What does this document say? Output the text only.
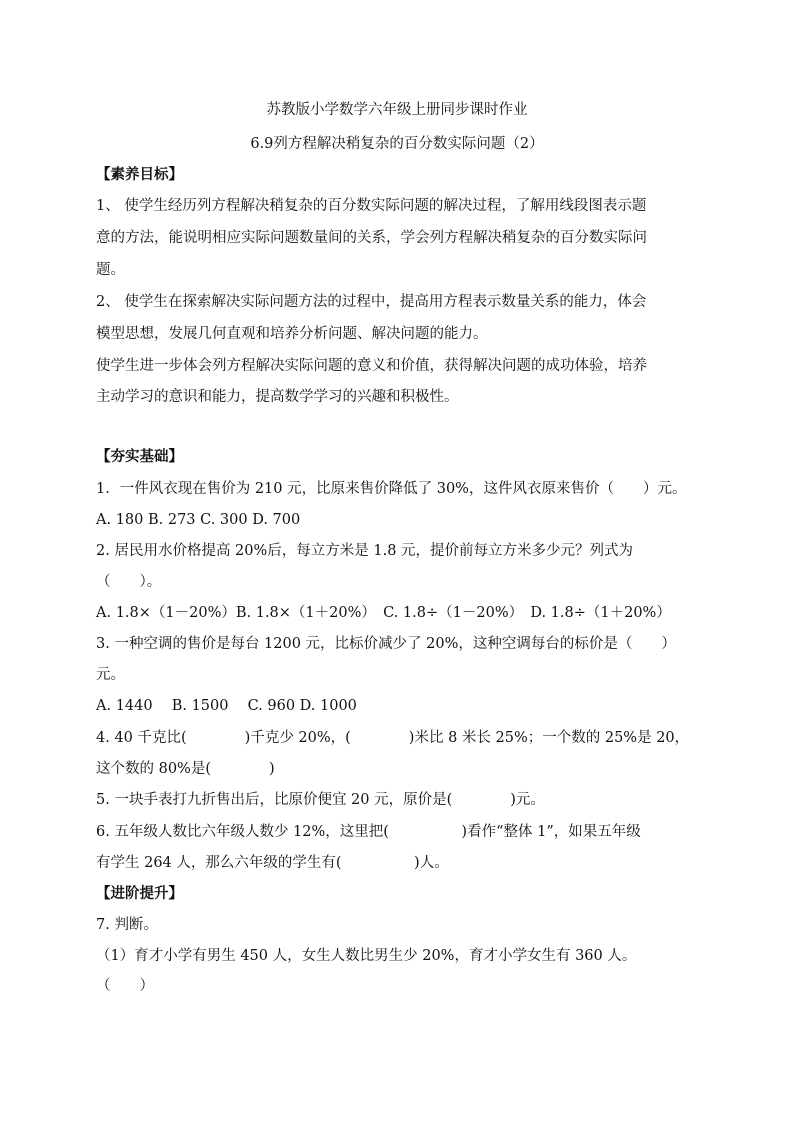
苏教版小学数学六年级上册同步课时作业

6.9列方程解决稍复杂的百分数实际问题（2）

【素养目标】

1、 使学生经历列方程解决稍复杂的百分数实际问题的解决过程，了解用线段图表示题

意的方法，能说明相应实际问题数量间的关系，学会列方程解决稍复杂的百分数实际问

题。

2、 使学生在探索解决实际问题方法的过程中，提高用方程表示数量关系的能力，体会

模型思想，发展几何直观和培养分析问题、解决问题的能力。

使学生进一步体会列方程解决实际问题的意义和价值，获得解决问题的成功体验，培养

主动学习的意识和能力，提高数学学习的兴趣和积极性。

【夯实基础】

1．一件风衣现在售价为 210 元，比原来售价降低了 30%，这件风衣原来售价（　　）元。

A. 180 B. 273 C. 300 D. 700

2. 居民用水价格提高 20%后，每立方米是 1.8 元，提价前每立方米多少元？列式为

（　　）。

A. 1.8×（1－20%）B. 1.8×（1＋20%）　C. 1.8÷（1－20%）　D. 1.8÷（1＋20%）

3. 一种空调的售价是每台 1200 元，比标价减少了 20%，这种空调每台的标价是（　　）

元。

A. 1440　 B. 1500　 C. 960 D. 1000

4. 40 千克比(　　　　)千克少 20%，(　　　　)米比 8 米长 25%；一个数的 25%是 20，

这个数的 80%是(　　　　)

5. 一块手表打九折售出后，比原价便宜 20 元，原价是(　　　　)元。

6. 五年级人数比六年级人数少 12%，这里把(　　　　　)看作“整体 1”，如果五年级

有学生 264 人，那么六年级的学生有(　　　　　)人。

【进阶提升】

7. 判断。

（1）育才小学有男生 450 人，女生人数比男生少 20%，育才小学女生有 360 人。

（　　）
